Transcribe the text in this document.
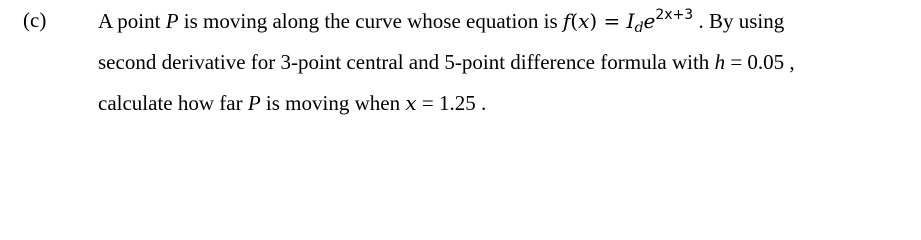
(c) A point P is moving along the curve whose equation is $f(x) = I_de^{2x+3}$ . By using
second derivative for 3-point central and 5-point difference formula with h = 0.05 ,
calculate how far P is moving when x = 1.25 .
